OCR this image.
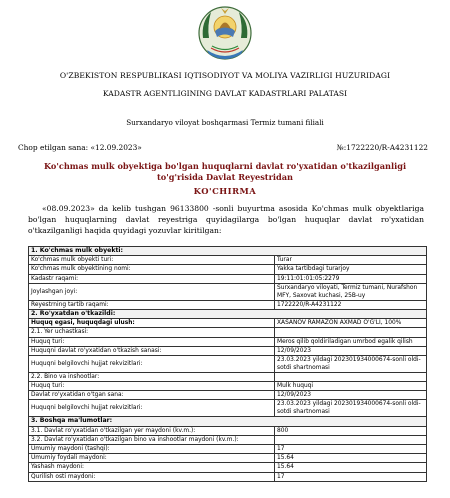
O'ZBEKISTON RESPUBLIKASI IQTISODIYOT VA MOLIYA VAZIRLIGI HUZURIDAGI
KADASTR AGENTLIGINING DAVLAT KADASTRLARI PALATASI
Surxandaryo viloyat boshqarmasi Termiz tumani filiali
Chop etilgan sana: «12.09.2023»	№:1722220/R-A4231122
Ko'chmas mulk obyektiga bo'lgan huquqlarni davlat ro'yxatidan o'tkazilganligi to'g'risida Davlat Reyestridan
KO'CHIRMA
«08.09.2023» da kelib tushgan 96133800 -sonli buyurtma asosida Ko'chmas mulk obyektlariga bo'lgan huquqlarning davlat reyestriga quyidagilarga bo'lgan huquqlar davlat ro'yxatidan o'tkazilganligi haqida quyidagi yozuvlar kiritilgan:
1. Ko'chmas mulk obyekti:	
Ko'chmas mulk obyekti turi:	Turar
Ko'chmas mulk obyektining nomi:	Yakka tartibdagi turarjoy
Kadastr raqami:	19:11:01:01:05:2279
Joylashgan joyi:	Surxandaryo viloyati, Termiz tumani, Nurafshon MFY, Saxovat kuchasi, 25B-uy
Reyestrning tartib raqami:	1722220/R-A4231122
2. Ro'yxatdan o'tkazildi:	
Huquq egasi, huquqdagi ulush:	XASANOV RAMAZON AXMAD O'G'LI, 100%
2.1. Yer uchastkasi:	
Huquq turi:	Meros qilib qoldiriladigan umrbod egalik qilish
Huquqni davlat ro'yxatidan o'tkazish sanasi:	12/09/2023
Huquqni belgilovchi hujjat rekvizitlari:	23.03.2023 yildagi 202301934000674-sonli oldi-sotdi shartnomasi
2.2. Bino va inshootlar:	
Huquq turi:	Mulk huquqi
Davlat ro'yxatidan o'tgan sana:	12/09/2023
Huquqni belgilovchi hujjat rekvizitlari:	23.03.2023 yildagi 202301934000674-sonli oldi-sotdi shartnomasi
3. Boshqa ma'lumotlar:	
3.1. Davlat ro'yxatidan o'tkazilgan yer maydoni (kv.m.):	800
3.2. Davlat ro'yxatidan o'tkazilgan bino va inshootlar maydoni (kv.m.):	
Umumiy maydoni (tashqi):	17
Umumiy foydali maydoni:	15.64
Yashash maydoni:	15.64
Qurilish osti maydoni:	17
